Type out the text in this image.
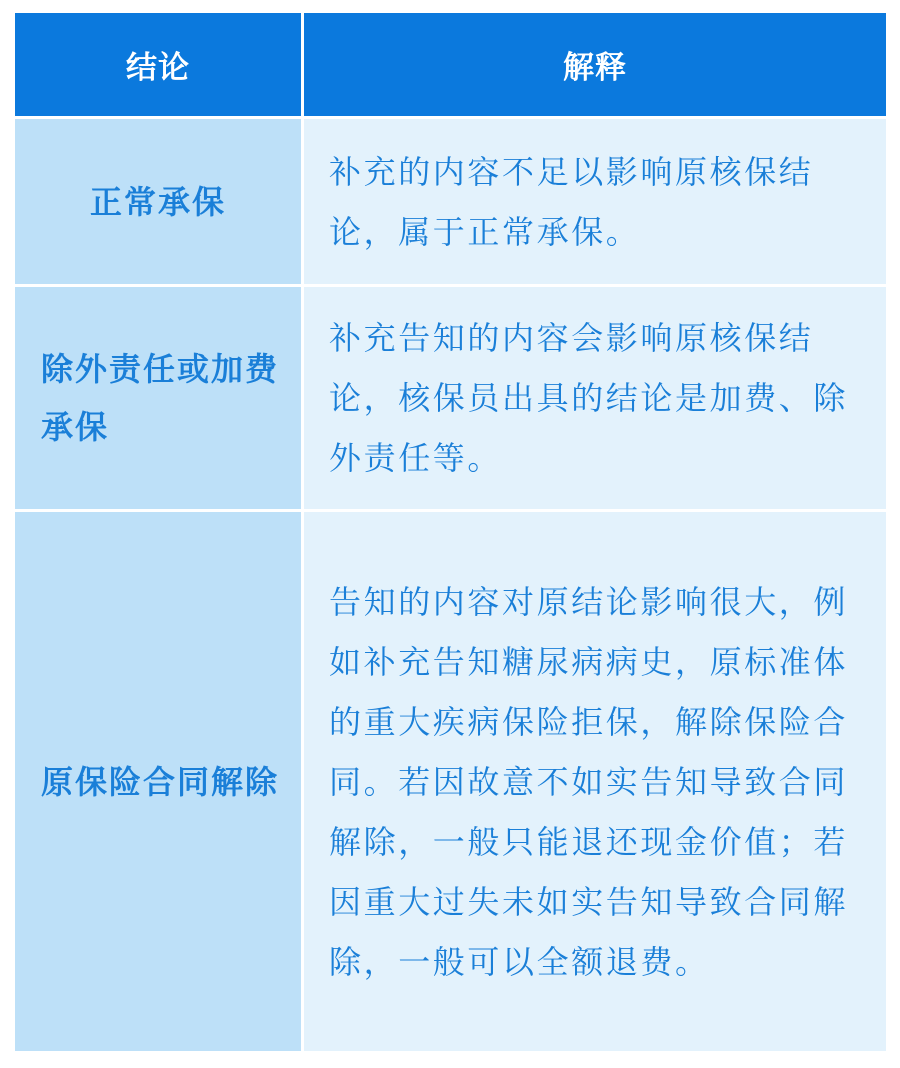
结论	解释
正常承保
补充的内容不足以影响原核保结论，属于正常承保。
除外责任或加费承保
补充告知的内容会影响原核保结论，核保员出具的结论是加费、除外责任等。
原保险合同解除
告知的内容对原结论影响很大，例如补充告知糖尿病病史，原标准体的重大疾病保险拒保，解除保险合同。若因故意不如实告知导致合同解除，一般只能退还现金价值；若因重大过失未如实告知导致合同解除，一般可以全额退费。
